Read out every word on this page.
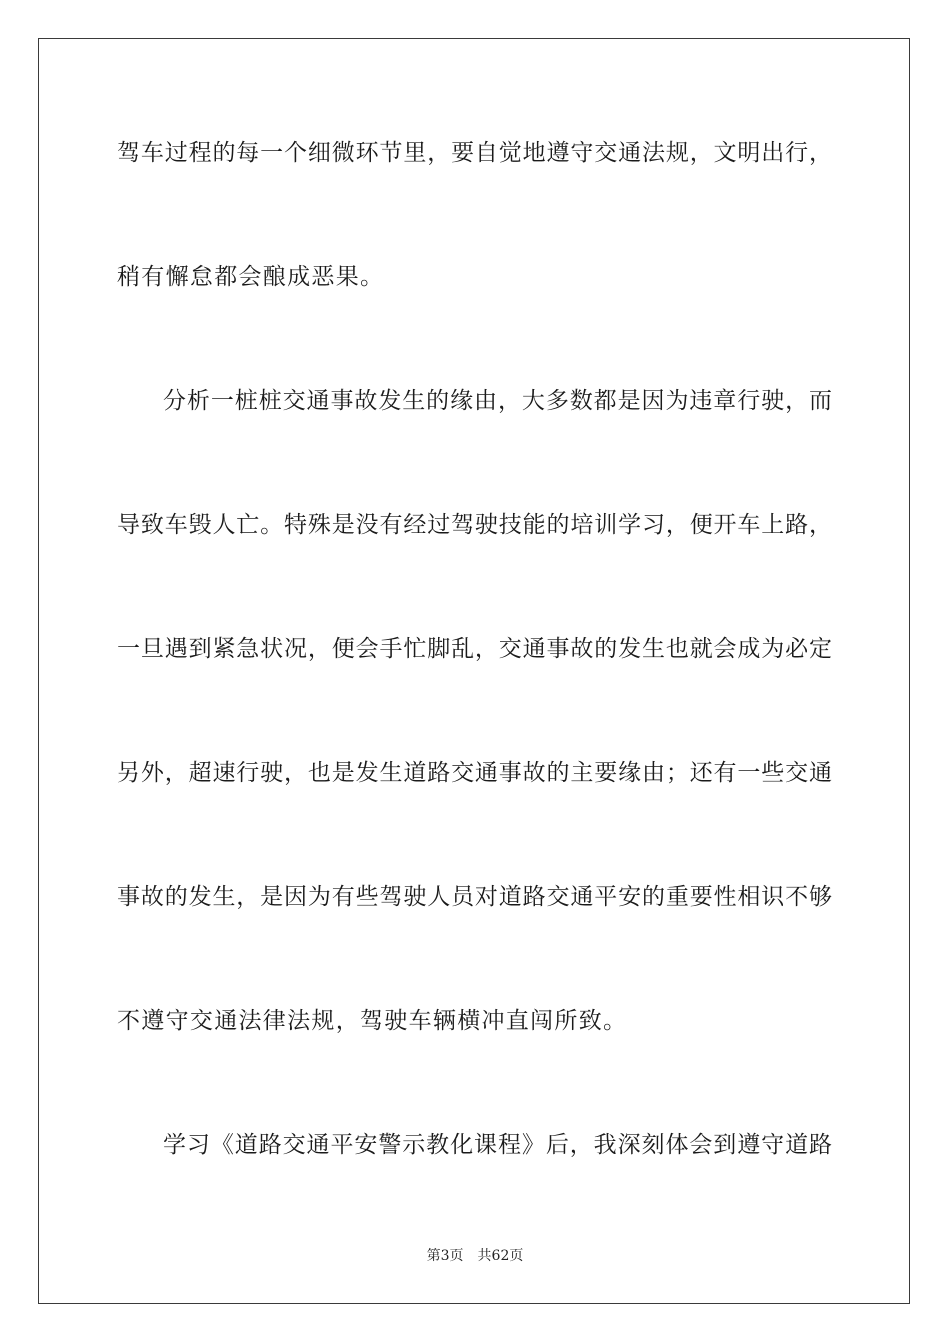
驾车过程的每一个细微环节里，要自觉地遵守交通法规，文明出行，
稍有懈怠都会酿成恶果。
分析一桩桩交通事故发生的缘由，大多数都是因为违章行驶，而
导致车毁人亡。特殊是没有经过驾驶技能的培训学习，便开车上路，
一旦遇到紧急状况，便会手忙脚乱，交通事故的发生也就会成为必定
另外，超速行驶，也是发生道路交通事故的主要缘由；还有一些交通
事故的发生，是因为有些驾驶人员对道路交通平安的重要性相识不够
不遵守交通法律法规，驾驶车辆横冲直闯所致。
学习《道路交通平安警示教化课程》后，我深刻体会到遵守道路
第3页 共62页
